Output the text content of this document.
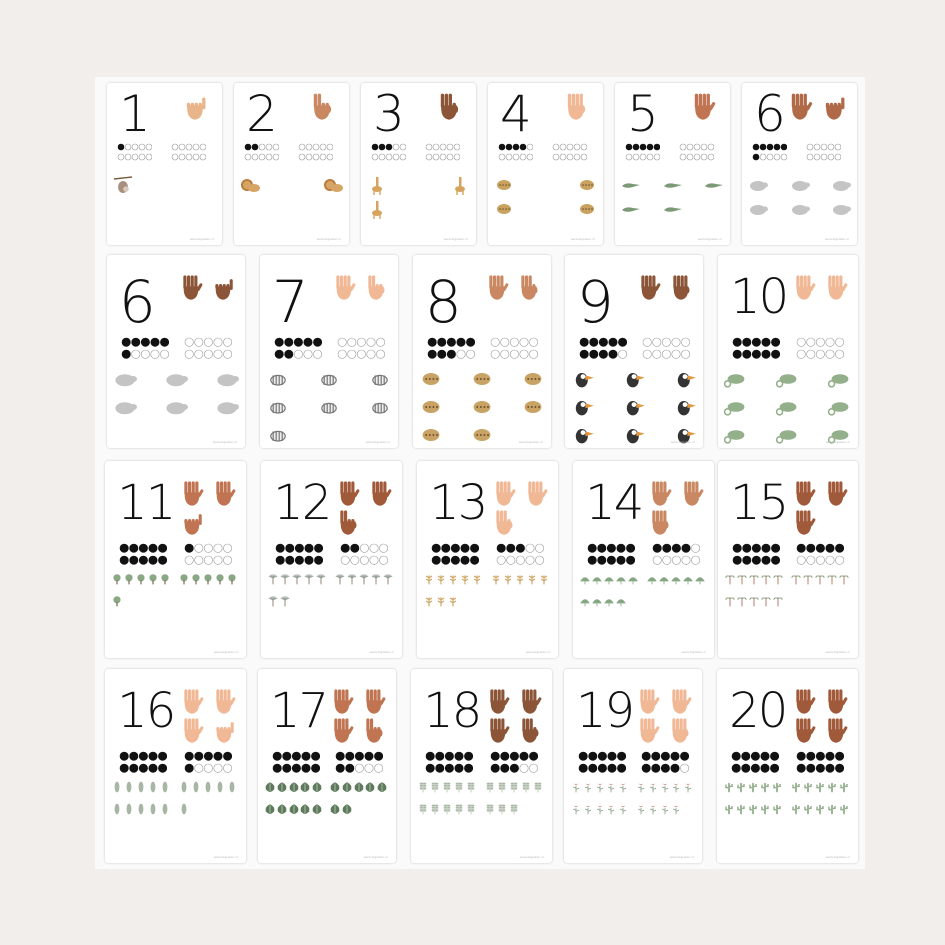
1
www.bigleken.nl
2
www.bigleken.nl
3
www.bigleken.nl
4
www.bigleken.nl
5
www.bigleken.nl
6
www.bigleken.nl
6
www.bigleken.nl
7
www.bigleken.nl
8
www.bigleken.nl
9
www.bigleken.nl
10
www.bigleken.nl
11
www.bigleken.nl
12
www.bigleken.nl
13
www.bigleken.nl
14
www.bigleken.nl
15
www.bigleken.nl
16
www.bigleken.nl
17
www.bigleken.nl
18
www.bigleken.nl
19
www.bigleken.nl
20
www.bigleken.nl
